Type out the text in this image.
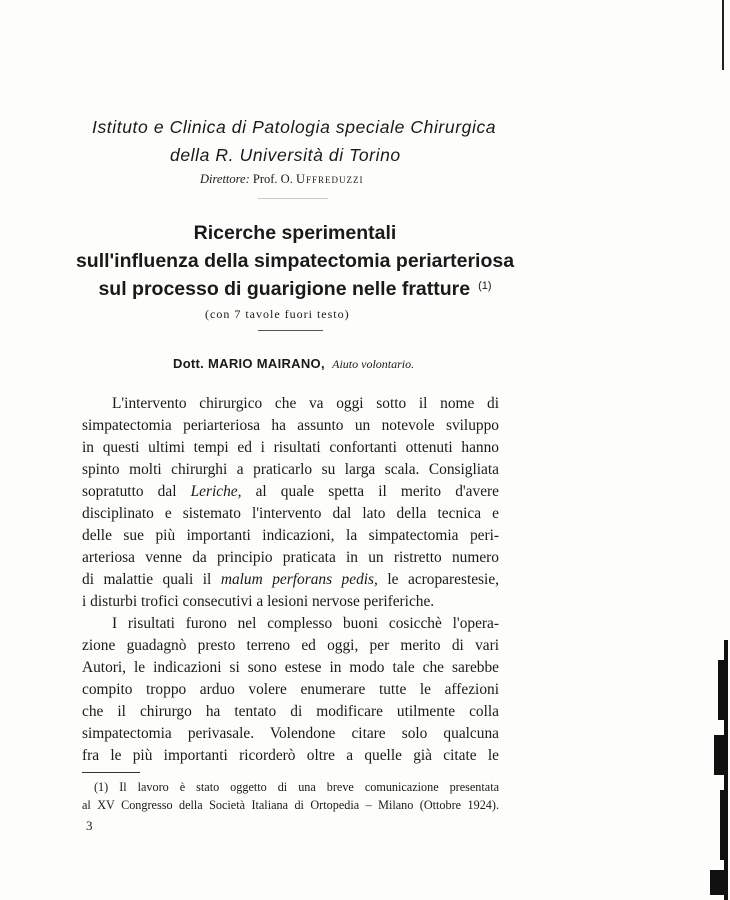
Istituto e Clinica di Patologia speciale Chirurgica
della R. Università di Torino
Direttore: Prof. O. Uffreduzzi
Ricerche sperimentali
sull'influenza della simpatectomia periarteriosa
sul processo di guarigione nelle fratture $^{(1)}$
(con 7 tavole fuori testo)
Dott. MARIO MAIRANO, Aiuto volontario.
L'intervento chirurgico che va oggi sotto il nome di
simpatectomia periarteriosa ha assunto un notevole sviluppo
in questi ultimi tempi ed i risultati confortanti ottenuti hanno
spinto molti chirurghi a praticarlo su larga scala. Consigliata
sopratutto dal Leriche, al quale spetta il merito d'avere
disciplinato e sistemato l'intervento dal lato della tecnica e
delle sue più importanti indicazioni, la simpatectomia peri-
arteriosa venne da principio praticata in un ristretto numero
di malattie quali il malum perforans pedis, le acroparestesie,
i disturbi trofici consecutivi a lesioni nervose periferiche.
I risultati furono nel complesso buoni cosicchè l'opera-
zione guadagnò presto terreno ed oggi, per merito di vari
Autori, le indicazioni si sono estese in modo tale che sarebbe
compito troppo arduo volere enumerare tutte le affezioni
che il chirurgo ha tentato di modificare utilmente colla
simpatectomia perivasale. Volendone citare solo qualcuna
fra le più importanti ricorderò oltre a quelle già citate le
(1) Il lavoro è stato oggetto di una breve comunicazione presentata
al XV Congresso della Società Italiana di Ortopedia – Milano (Ottobre 1924).
3
